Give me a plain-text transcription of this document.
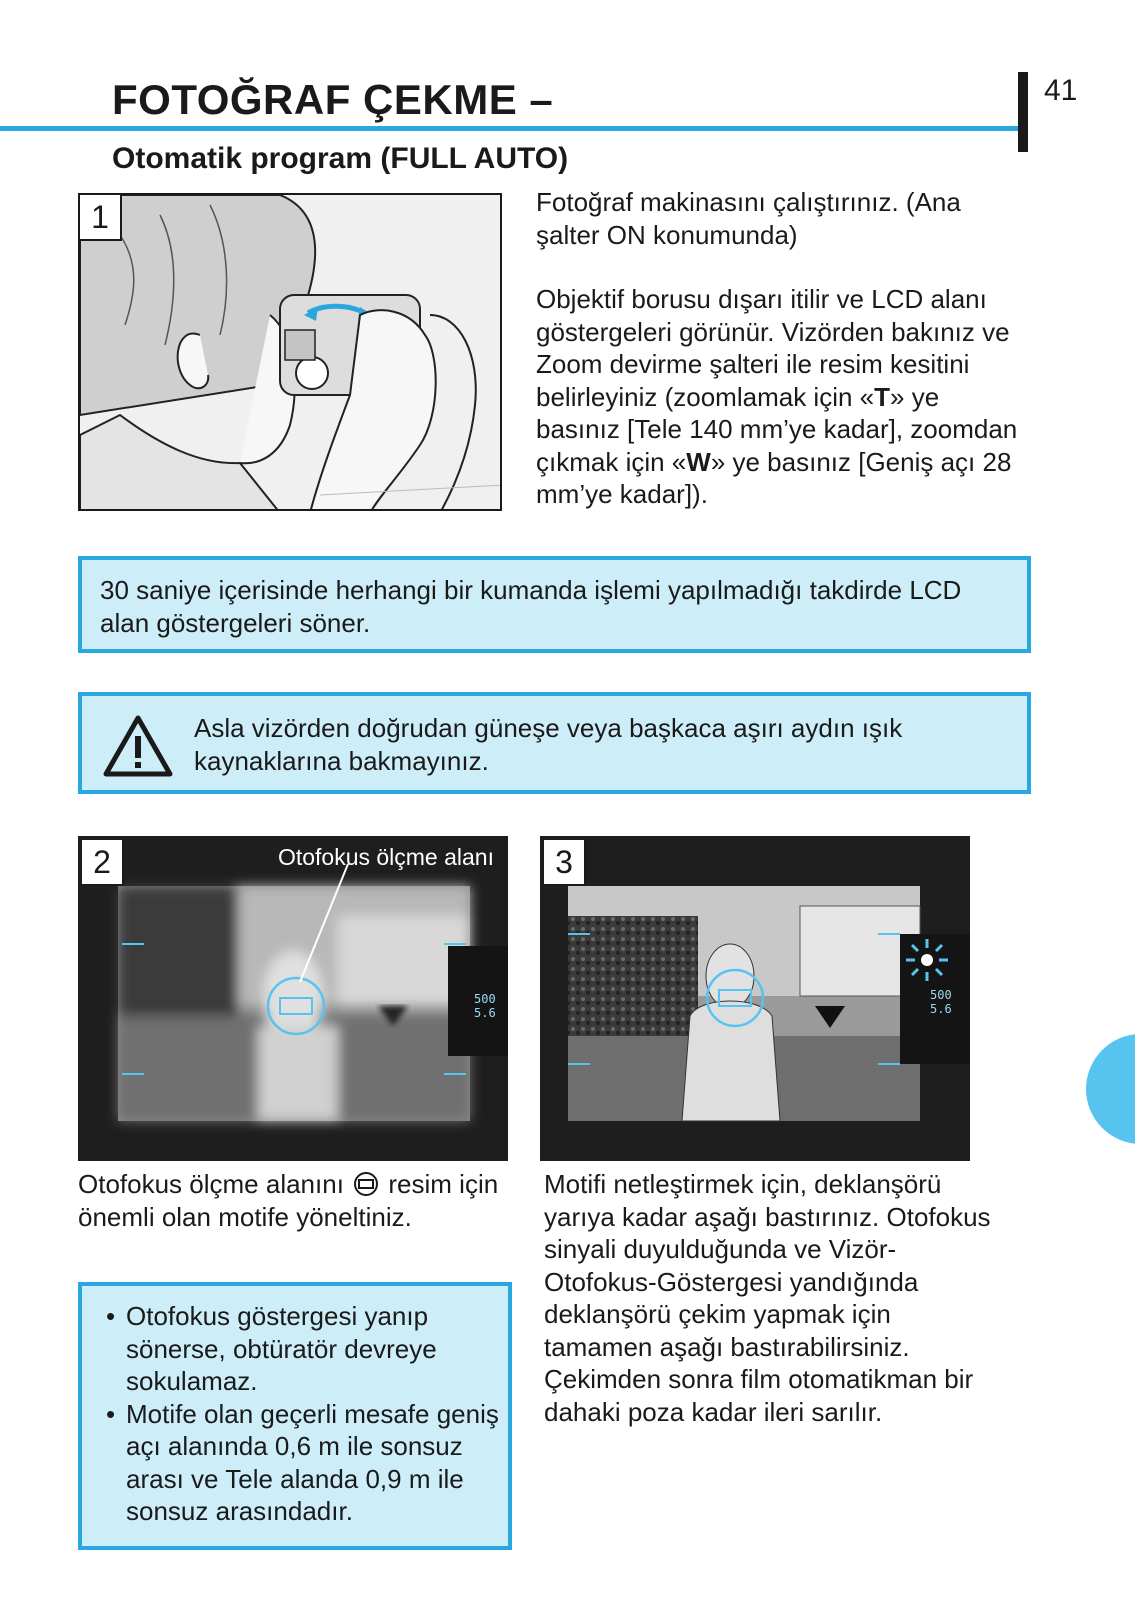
FOTOĞRAF ÇEKME –	41
Otomatik program (FULL AUTO)
1	Fotoğraf makinasını çalıştırınız. (Ana şalter ON konumunda)
Objektif borusu dışarı itilir ve LCD alanı göstergeleri görünür. Vizörden bakınız ve Zoom devirme şalteri ile resim kesitini belirleyiniz (zoomlamak için «T» ye basınız [Tele 140 mm’ye kadar], zoomdan çıkmak için «W» ye basınız [Geniş açı 28 mm’ye kadar]).
30 saniye içerisinde herhangi bir kumanda işlemi yapılmadığı takdirde LCD alan göstergeleri söner.
Asla vizörden doğrudan güneşe veya başkaca aşırı aydın ışık kaynaklarına bakmayınız.
2	Otofokus ölçme alanı
500
5.6
3
500
5.6
Otofokus ölçme alanını resim için önemli olan motife yöneltiniz.
• Otofokus göstergesi yanıp sönerse, obtüratör devreye sokulamaz.
• Motife olan geçerli mesafe geniş açı alanında 0,6 m ile sonsuz arası ve Tele alanda 0,9 m ile sonsuz arasındadır.
Motifi netleştirmek için, deklanşörü yarıya kadar aşağı bastırınız. Otofokus sinyali duyulduğunda ve Vizör-Otofokus-Göstergesi yandığında deklanşörü çekim yapmak için tamamen aşağı bastırabilirsiniz. Çekimden sonra film otomatikman bir dahaki poza kadar ileri sarılır.
